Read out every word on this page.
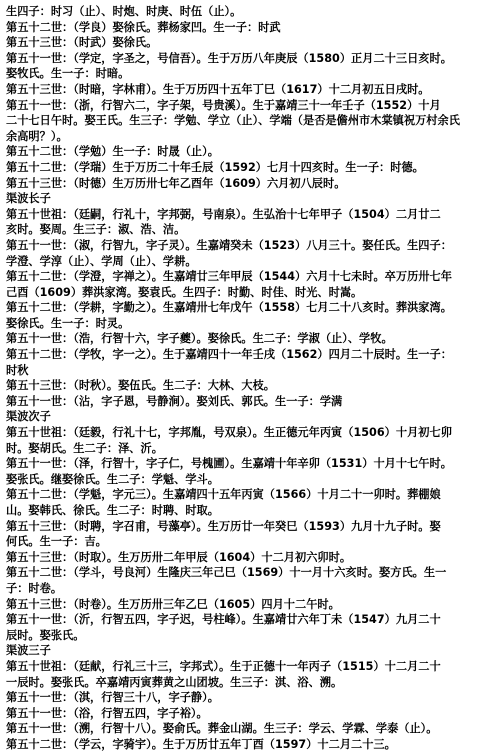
生四子：时习（止）、时炮、时庚、时伍（止）。
第五十二世：（学良）娶徐氏。葬杨家凹。生一子：时武
第五十三世：（时武）娶徐氏。
第五十一世：（学定，字圣之，号信吾）。生于万历八年庚辰（1580）正月二十三日亥时。
娶牧氏。生一子：时暗。
第五十三世：（时暗，字林甫）。生于万历四十五年丁巳（1617）十二月初五日戌时。
第五十一世：（浙，行智六二，字子架，号贵溪）。生于嘉靖三十一年壬子（1552）十月
二十七日午时。娶王氏。生三子：学勉、学立（止）、学端（是否是儋州市木棠镇祝万村余氏
余高明？）。
第五十二世：（学勉）生一子：时晟（止）。
第五十二世：（学瑞）生于万历二十年壬辰（1592）七月十四亥时。生一子：时德。
第五十三世：（时德）生万历卅七年乙酉年（1609）六月初八辰时。
渠波长子
第五十世祖：（廷嗣，行礼十，字邦弼，号南泉）。生弘治十七年甲子（1504）二月廿二
亥时。娶周。生三子：淑、浩、洁。
第五十一世：（淑，行智九，字子灵）。生嘉靖癸未（1523）八月三十。娶任氏。生四子：
学澄、学淳（止）、学周（止）、学耕。
第五十二世：（学澄，字禅之）。生嘉靖廿三年甲辰（1544）六月十七未时。卒万历卅七年
己酉（1609）葬洪家湾。娶袁氏。生四子：时勤、时佳、时光、时嵩。
第五十二世：（学耕，字勤之）。生嘉靖卅七年戊午（1558）七月二十八亥时。葬洪家湾。
娶徐氏。生一子：时灵。
第五十一世：（浩，行智十六，字子夔）。娶徐氏。生二子：学淑（止）、学牧。
第五十二世：（学牧，字一之）。生于嘉靖四十一年壬戌（1562）四月二十辰时。生一子：
时秋
第五十三世：（时秋）。娶伍氏。生二子：大林、大枝。
第五十一世：（沾，字子恩，号静涧）。娶刘氏、郭氏。生一子：学满
渠波次子
第五十世祖：（廷毅，行礼十七，字邦胤，号双泉）。生正德元年丙寅（1506）十月初七卯
时。娶胡氏。生二子：泽、沂。
第五十一世：（泽，行智十，字子仁，号槐圃）。生嘉靖十年辛卯（1531）十月十七午时。
娶张氏。继娶徐氏。生二子：学魁、学斗。
第五十二世：（学魁，字元三）。生嘉靖四十五年丙寅（1566）十月二十一卯时。葬棚娘
山。娶韩氏、徐氏。生二子：时聘、时取。
第五十三世：（时聘，字召甫，号藻亭）。生万历廿一年癸巳（1593）九月十九子时。娶
何氏。生一子：吉。
第五十三世：（时取）。生万历卅二年甲辰（1604）十二月初六卯时。
第五十二世：（学斗，号良河）生隆庆三年己巳（1569）十一月十六亥时。娶方氏。生一
子：时卷。
第五十三世：（时卷）。生万历卅三年乙巳（1605）四月十二午时。
第五十一世：（沂，行智五四，字子迟，号柱峰）。生嘉靖廿六年丁未（1547）九月二十
辰时。娶张氏。
渠波三子
第五十世祖：（廷献，行礼三十三，字邦式）。生于正德十一年丙子（1515）十二月二十
一辰时。娶张氏。卒嘉靖丙寅葬黄之山团坡。生三子：淇、浴、溯。
第五十一世：（淇，行智三十八，字子静）。
第五十一世：（浴，行智五四，字子裕）。
第五十一世：（溯，行智十八）。娶俞氏。葬金山湖。生三子：学云、学霖、学泰（止）。
第五十二世：（学云，字骑宇）。生于万历廿五年丁酉（1597）十二月二十三。
